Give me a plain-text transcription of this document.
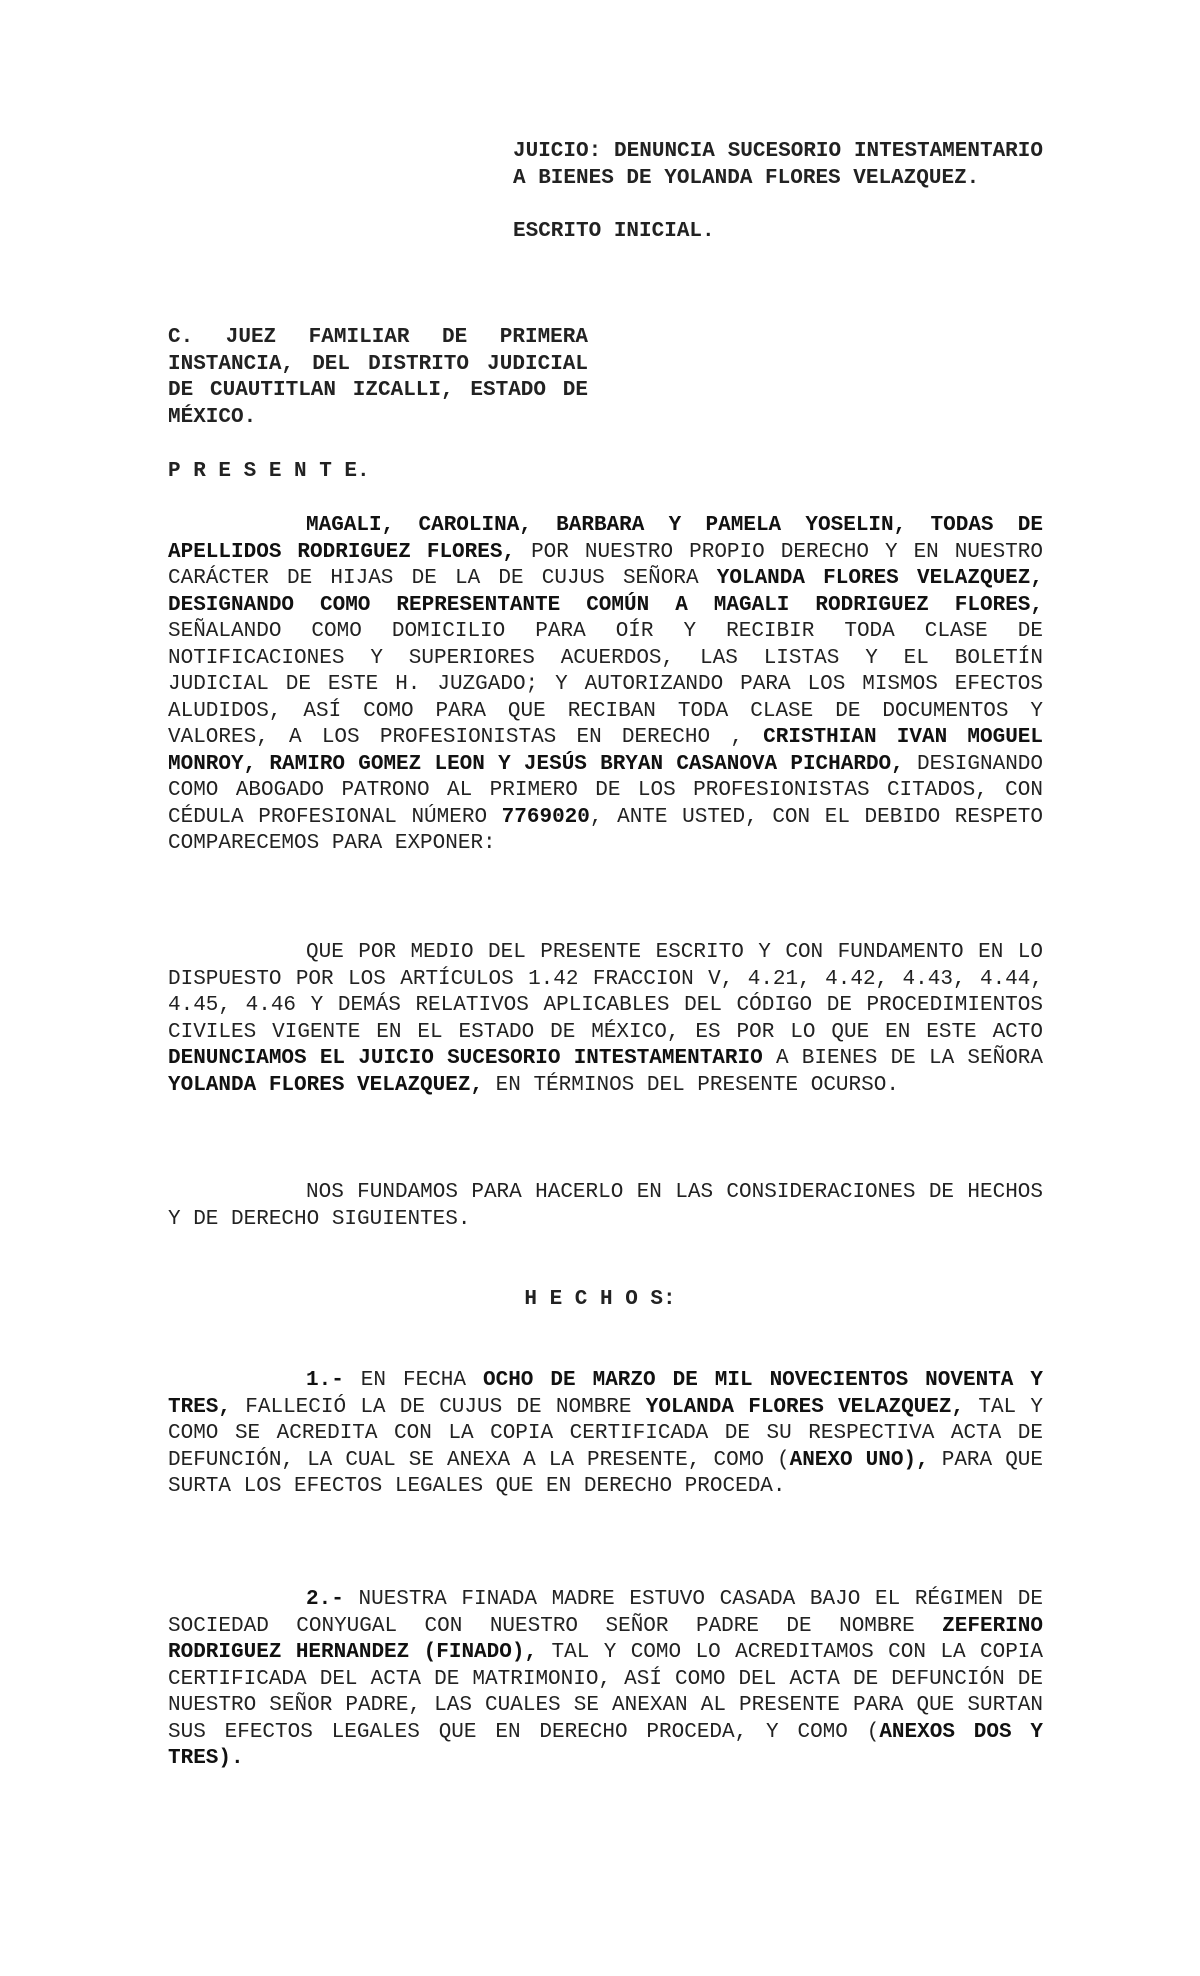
JUICIO: DENUNCIA SUCESORIO INTESTAMENTARIO A BIENES DE YOLANDA FLORES VELAZQUEZ.

ESCRITO INICIAL.

C. JUEZ FAMILIAR DE PRIMERA INSTANCIA, DEL DISTRITO JUDICIAL DE CUAUTITLAN IZCALLI, ESTADO DE MÉXICO.
P R E S E N T E.

MAGALI, CAROLINA, BARBARA Y PAMELA YOSELIN, TODAS DE APELLIDOS RODRIGUEZ FLORES, POR NUESTRO PROPIO DERECHO Y EN NUESTRO CARÁCTER DE HIJAS DE LA DE CUJUS SEÑORA YOLANDA FLORES VELAZQUEZ, DESIGNANDO COMO REPRESENTANTE COMÚN A MAGALI RODRIGUEZ FLORES, SEÑALANDO COMO DOMICILIO PARA OÍR Y RECIBIR TODA CLASE DE NOTIFICACIONES Y SUPERIORES ACUERDOS, LAS LISTAS Y EL BOLETÍN JUDICIAL DE ESTE H. JUZGADO; Y AUTORIZANDO PARA LOS MISMOS EFECTOS ALUDIDOS, ASÍ COMO PARA QUE RECIBAN TODA CLASE DE DOCUMENTOS Y VALORES, A LOS PROFESIONISTAS EN DERECHO , CRISTHIAN IVAN MOGUEL MONROY, RAMIRO GOMEZ LEON Y JESÚS BRYAN CASANOVA PICHARDO, DESIGNANDO COMO ABOGADO PATRONO AL PRIMERO DE LOS PROFESIONISTAS CITADOS, CON CÉDULA PROFESIONAL NÚMERO 7769020, ANTE USTED, CON EL DEBIDO RESPETO COMPARECEMOS PARA EXPONER:

QUE POR MEDIO DEL PRESENTE ESCRITO Y CON FUNDAMENTO EN LO DISPUESTO POR LOS ARTÍCULOS 1.42 FRACCION V, 4.21, 4.42, 4.43, 4.44, 4.45, 4.46 Y DEMÁS RELATIVOS APLICABLES DEL CÓDIGO DE PROCEDIMIENTOS CIVILES VIGENTE EN EL ESTADO DE MÉXICO, ES POR LO QUE EN ESTE ACTO DENUNCIAMOS EL JUICIO SUCESORIO INTESTAMENTARIO A BIENES DE LA SEÑORA YOLANDA FLORES VELAZQUEZ, EN TÉRMINOS DEL PRESENTE OCURSO.

NOS FUNDAMOS PARA HACERLO EN LAS CONSIDERACIONES DE HECHOS Y DE DERECHO SIGUIENTES.

H E C H O S:

1.- EN FECHA OCHO DE MARZO DE MIL NOVECIENTOS NOVENTA Y TRES, FALLECIÓ LA DE CUJUS DE NOMBRE YOLANDA FLORES VELAZQUEZ, TAL Y COMO SE ACREDITA CON LA COPIA CERTIFICADA DE SU RESPECTIVA ACTA DE DEFUNCIÓN, LA CUAL SE ANEXA A LA PRESENTE, COMO (ANEXO UNO), PARA QUE SURTA LOS EFECTOS LEGALES QUE EN DERECHO PROCEDA.

2.- NUESTRA FINADA MADRE ESTUVO CASADA BAJO EL RÉGIMEN DE SOCIEDAD CONYUGAL CON NUESTRO SEÑOR PADRE DE NOMBRE ZEFERINO RODRIGUEZ HERNANDEZ (FINADO), TAL Y COMO LO ACREDITAMOS CON LA COPIA CERTIFICADA DEL ACTA DE MATRIMONIO, ASÍ COMO DEL ACTA DE DEFUNCIÓN DE NUESTRO SEÑOR PADRE, LAS CUALES SE ANEXAN AL PRESENTE PARA QUE SURTAN SUS EFECTOS LEGALES QUE EN DERECHO PROCEDA, Y COMO (ANEXOS DOS Y TRES).
